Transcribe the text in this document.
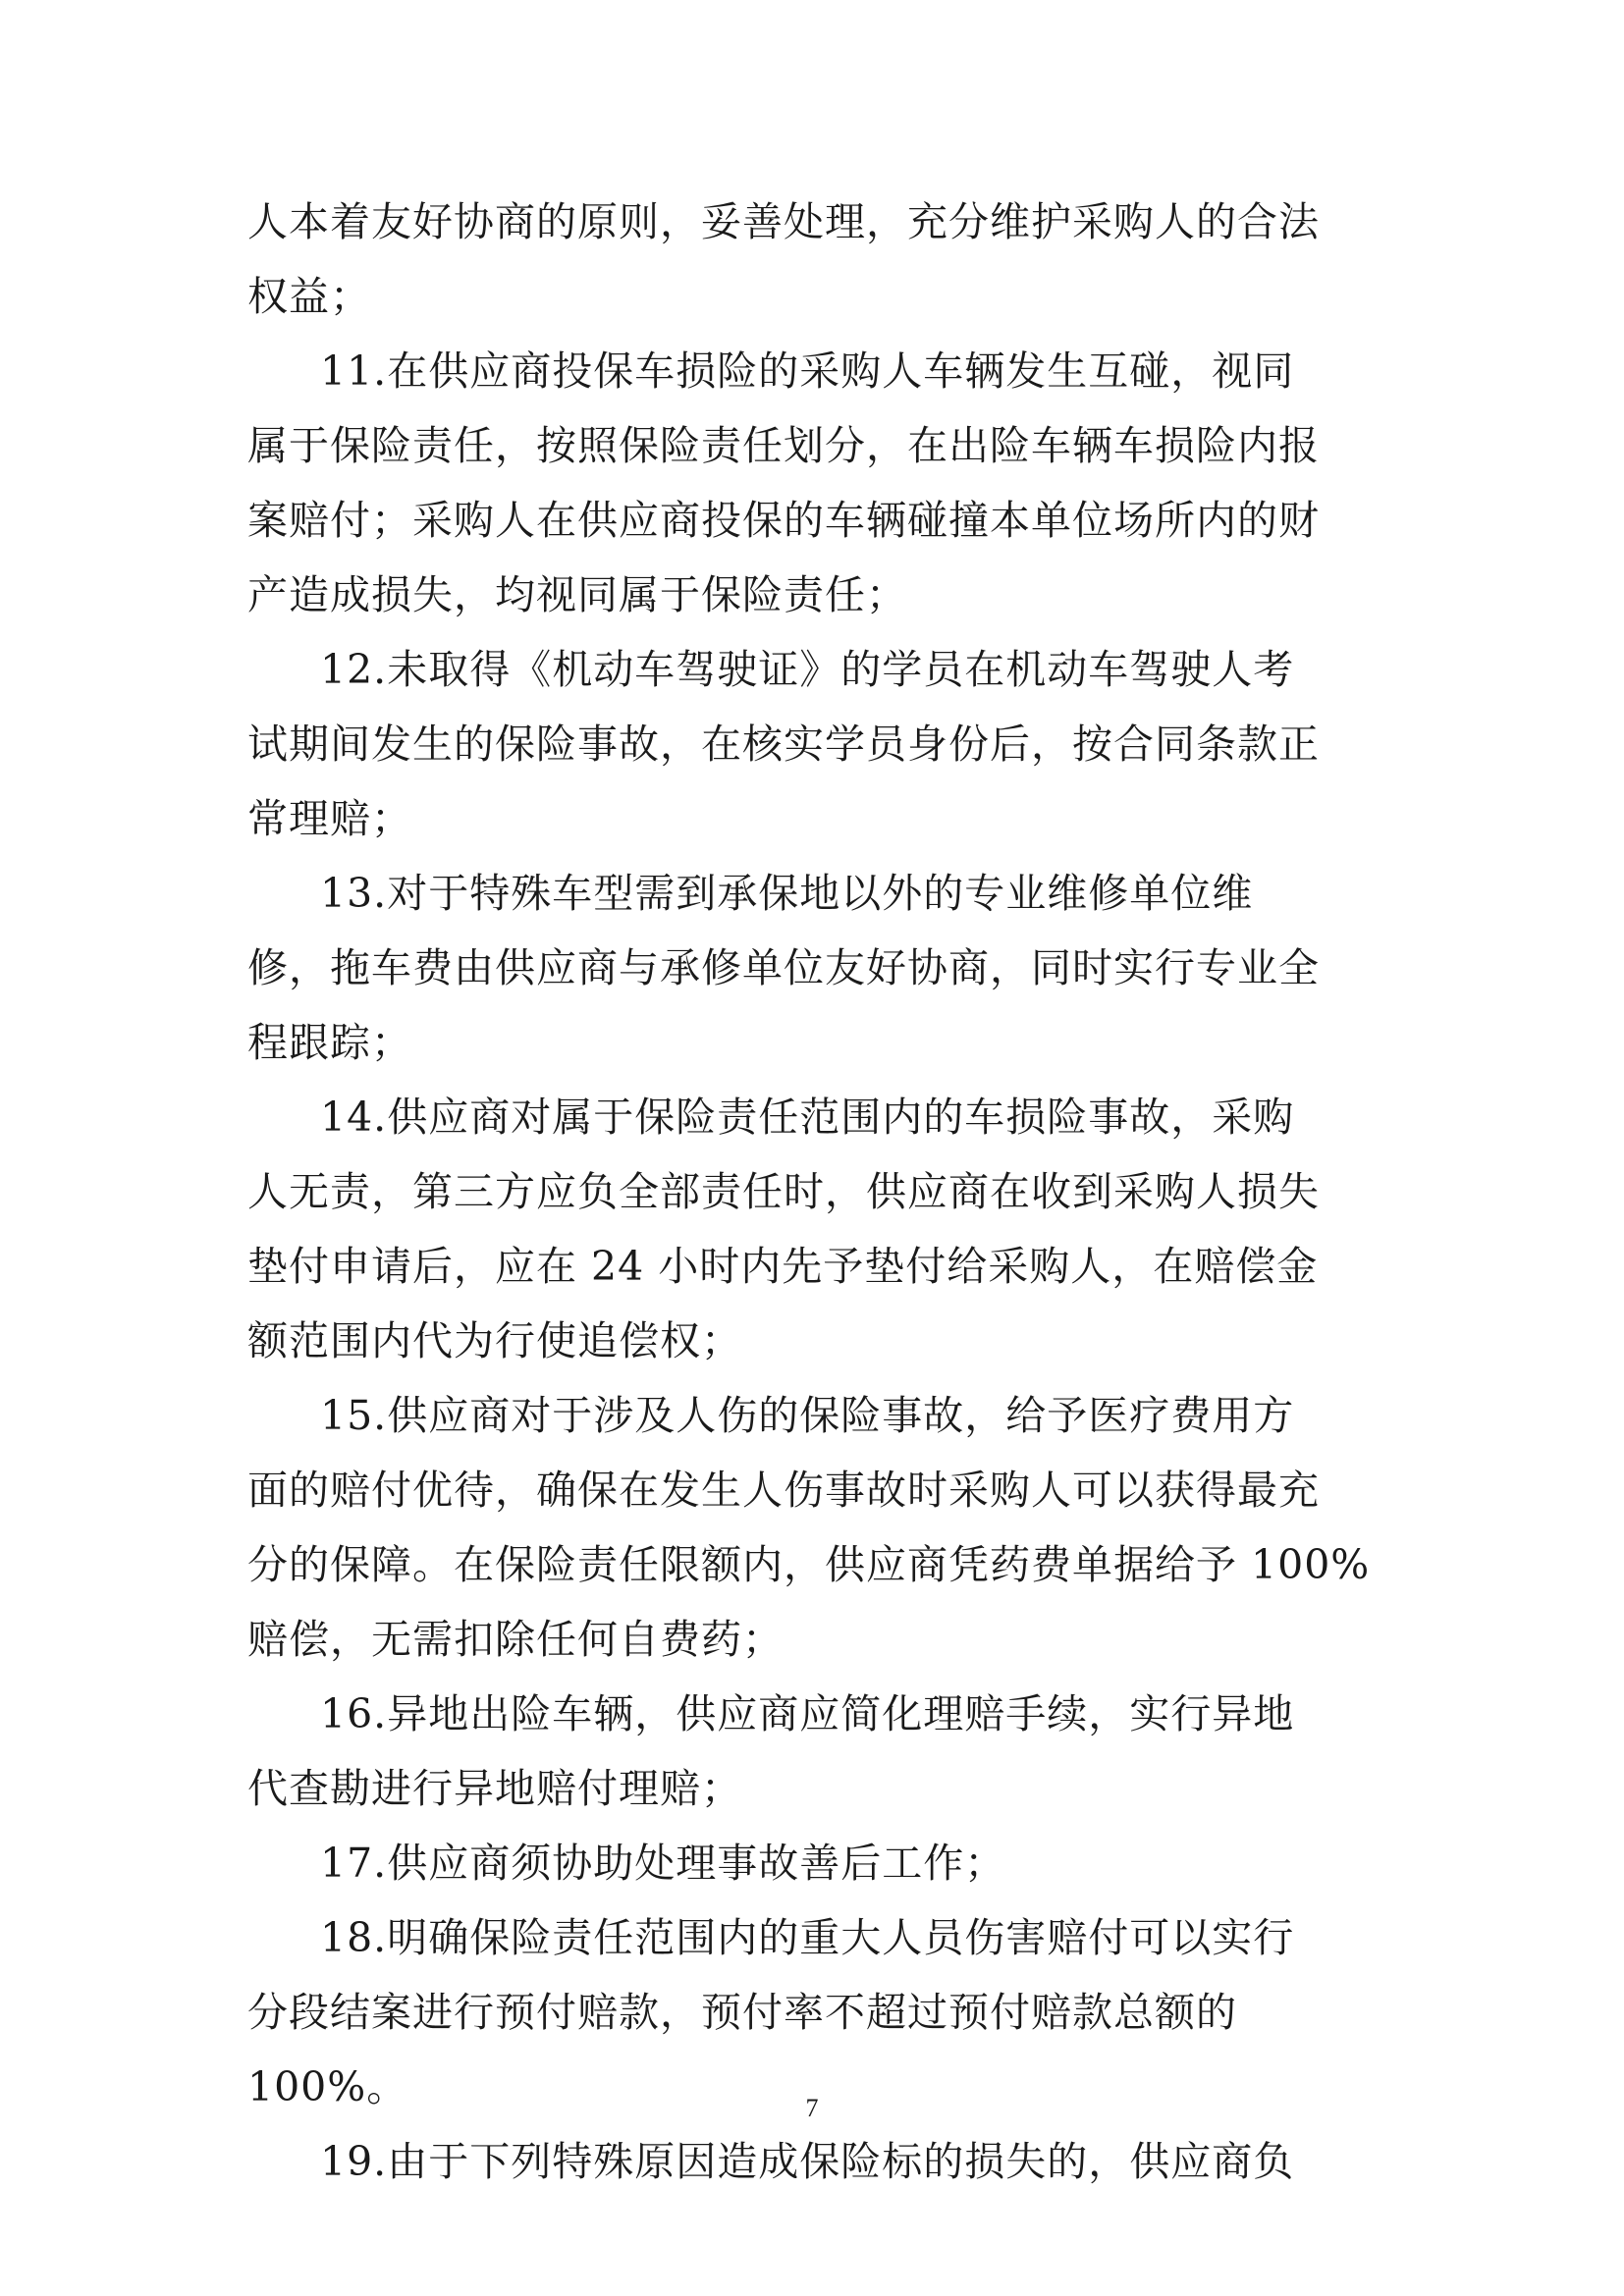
人本着友好协商的原则，妥善处理，充分维护采购人的合法
权益；
11.在供应商投保车损险的采购人车辆发生互碰，视同
属于保险责任，按照保险责任划分，在出险车辆车损险内报
案赔付；采购人在供应商投保的车辆碰撞本单位场所内的财
产造成损失，均视同属于保险责任；
12.未取得《机动车驾驶证》的学员在机动车驾驶人考
试期间发生的保险事故，在核实学员身份后，按合同条款正
常理赔；
13.对于特殊车型需到承保地以外的专业维修单位维
修，拖车费由供应商与承修单位友好协商，同时实行专业全
程跟踪；
14.供应商对属于保险责任范围内的车损险事故，采购
人无责，第三方应负全部责任时，供应商在收到采购人损失
垫付申请后，应在 24 小时内先予垫付给采购人，在赔偿金
额范围内代为行使追偿权；
15.供应商对于涉及人伤的保险事故，给予医疗费用方
面的赔付优待，确保在发生人伤事故时采购人可以获得最充
分的保障。在保险责任限额内，供应商凭药费单据给予 100%
赔偿，无需扣除任何自费药；
16.异地出险车辆，供应商应简化理赔手续，实行异地
代查勘进行异地赔付理赔；
17.供应商须协助处理事故善后工作；
18.明确保险责任范围内的重大人员伤害赔付可以实行
分段结案进行预付赔款，预付率不超过预付赔款总额的
100%。
19.由于下列特殊原因造成保险标的损失的，供应商负
7
